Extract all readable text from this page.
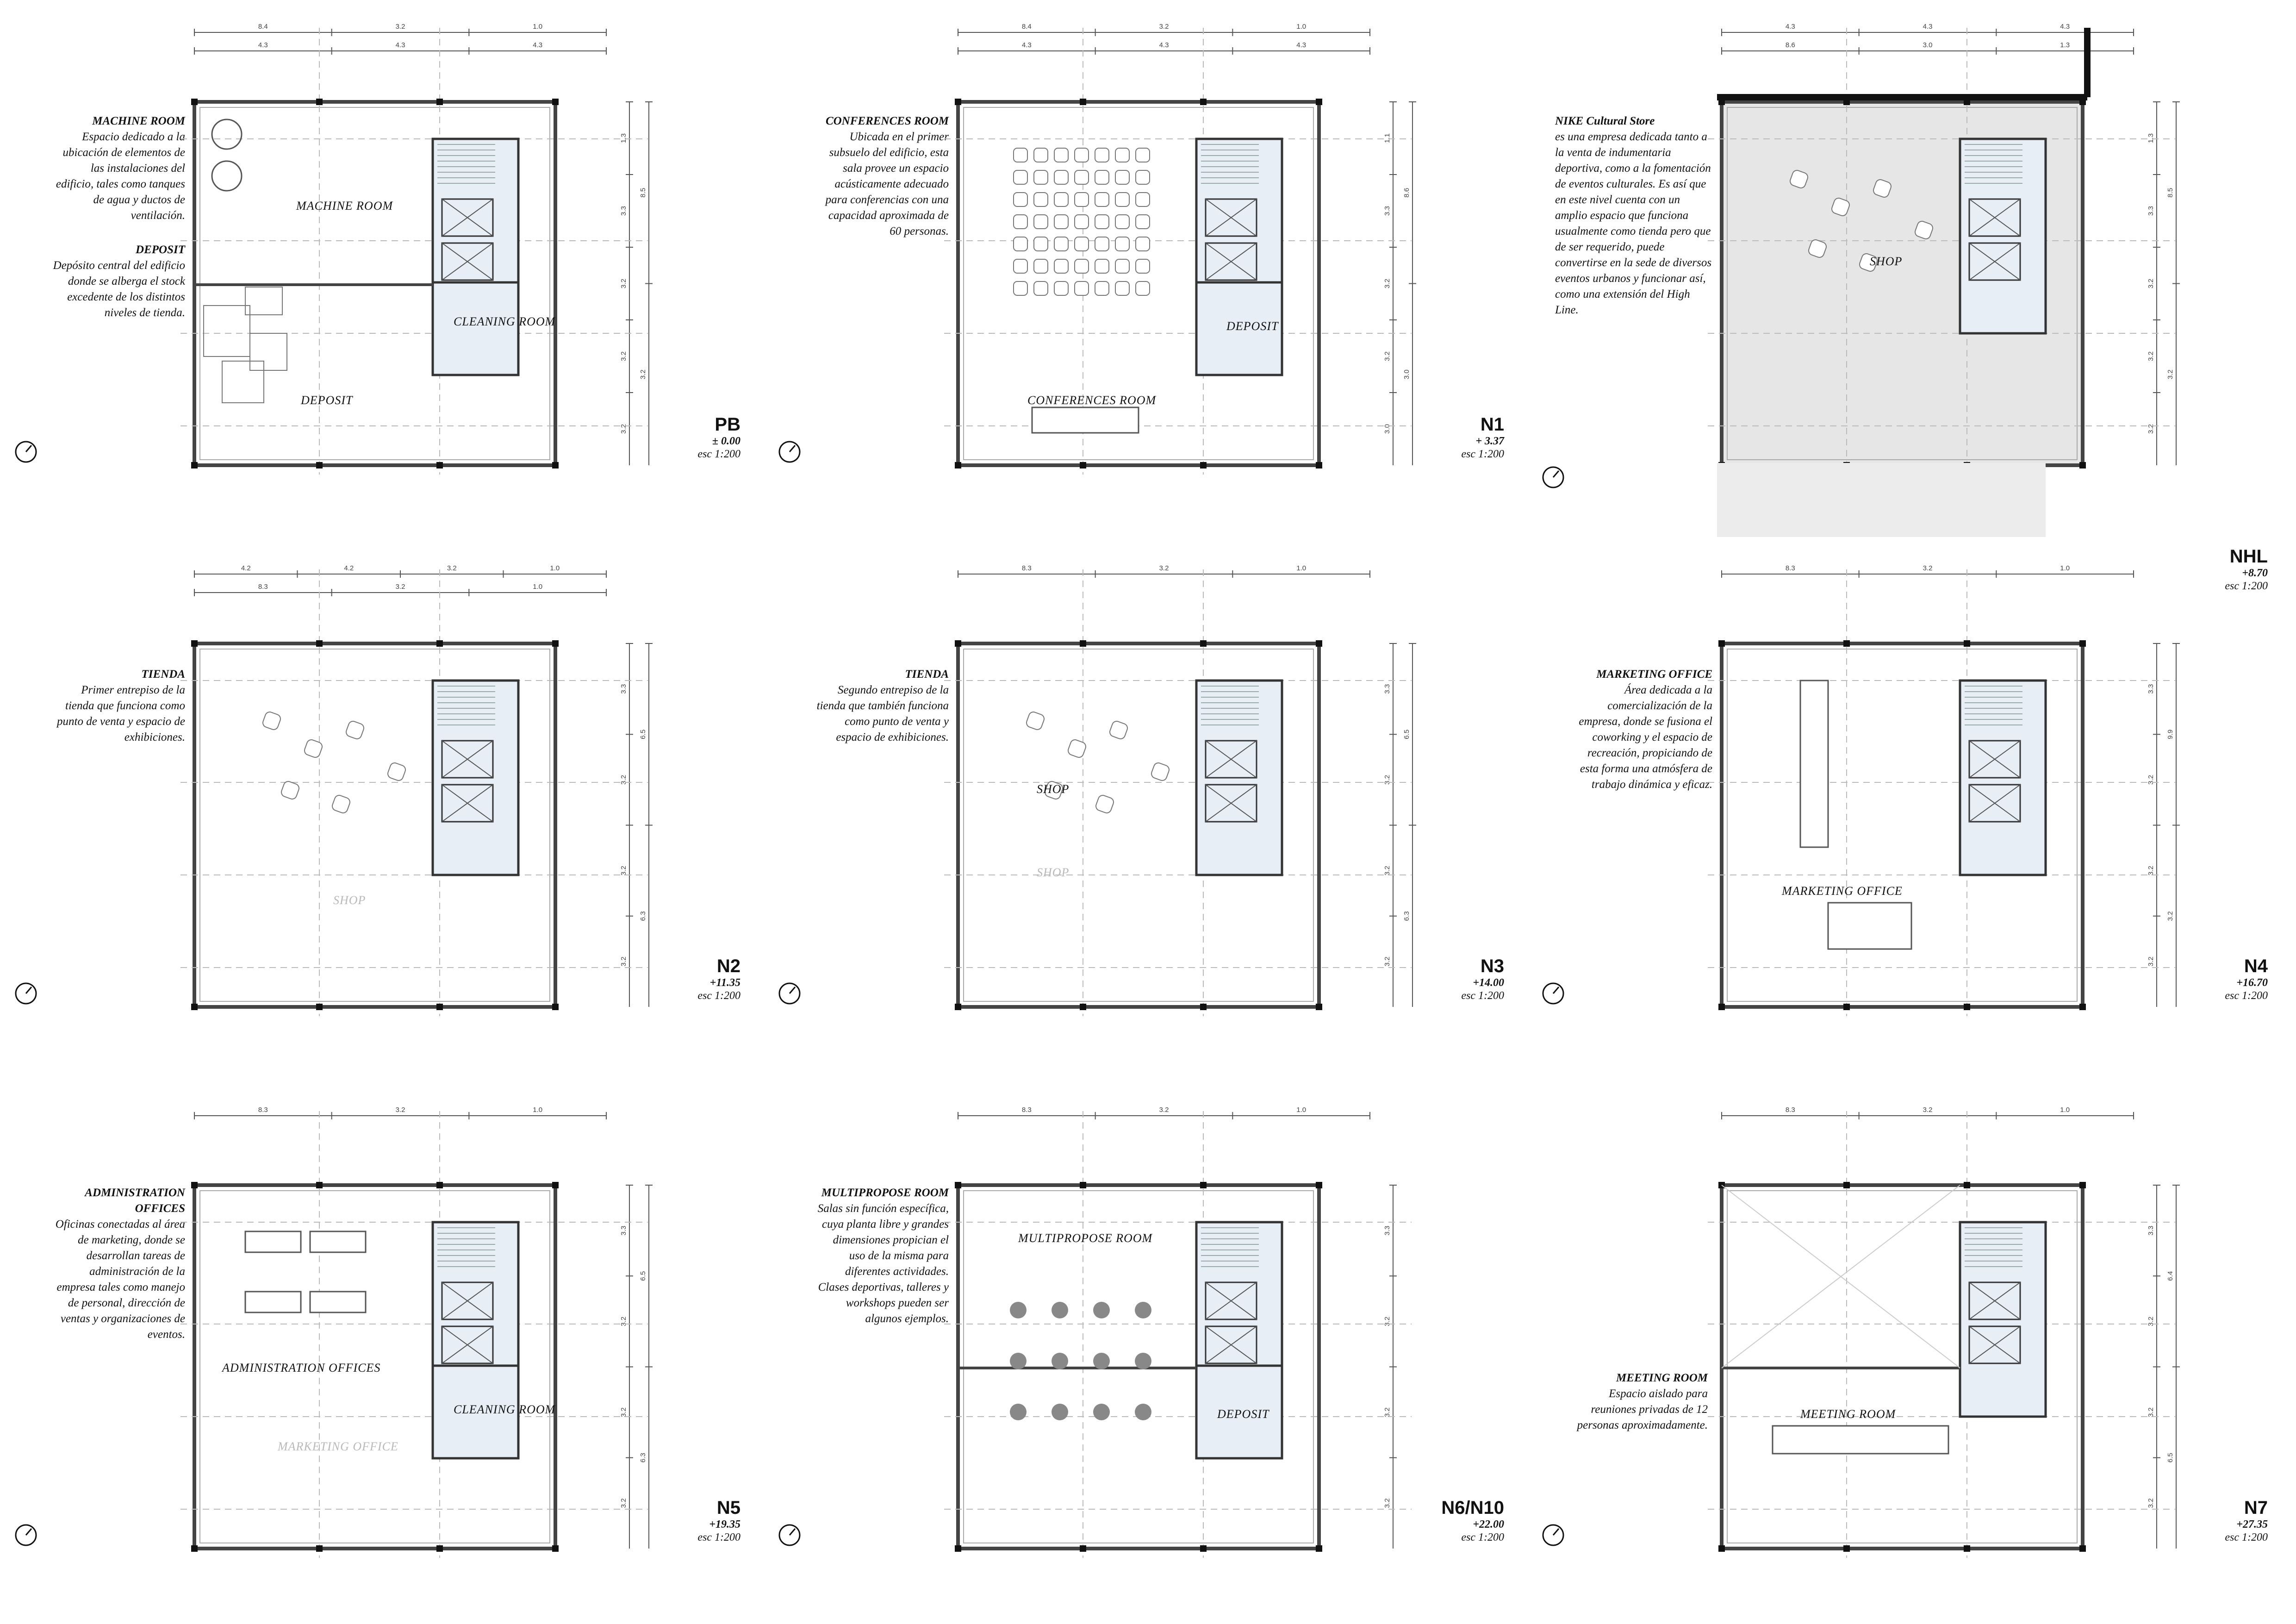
MACHINE ROOM
Espacio dedicado a la ubicación de elementos de las instalaciones del edificio, tales como tanques de agua y ductos de ventilación.
DEPOSIT
Depósito central del edificio donde se alberga el stock excedente de los distintos niveles de tienda.
8.4	3.2	1.0
4.3	4.3	4.3
1.3
3.3
3.2
3.2
3.2
8.5
3.2
MACHINE ROOM
CLEANING ROOM
DEPOSIT
PB
± 0.00
esc 1:200
CONFERENCES ROOM
Ubicada en el primer subsuelo del edificio, esta sala provee un espacio acústicamente adecuado para conferencias con una capacidad aproximada de 60 personas.
8.4	3.2	1.0
4.3	4.3	4.3
1.1
3.3
3.2
3.2
3.0
8.6
3.0
DEPOSIT
CONFERENCES ROOM
N1
+ 3.37
esc 1:200
NIKE Cultural Store
es una empresa dedicada tanto a la venta de indumentaria deportiva, como a la fomentación de eventos culturales. Es así que en este nivel cuenta con un amplio espacio que funciona usualmente como tienda pero que de ser requerido, puede convertirse en la sede de diversos eventos urbanos y funcionar así, como una extensión del High Line.
4.3	4.3	4.3
8.6	3.0	1.3
1.3
3.3
3.2
3.2
3.2
8.5
3.2
SHOP
NHL
+8.70
esc 1:200
TIENDA
Primer entrepiso de la tienda que funciona como punto de venta y espacio de exhibiciones.
4.2	4.2	3.2	1.0
8.3	3.2	1.0
3.3
3.2
3.2
3.2
6.5
6.3
SHOP
N2
+11.35
esc 1:200
TIENDA
Segundo entrepiso de la tienda que también funciona como punto de venta y espacio de exhibiciones.
8.3	3.2	1.0
3.3
3.2
3.2
3.2
6.5
6.3
SHOP
SHOP
N3
+14.00
esc 1:200
MARKETING OFFICE
Área dedicada a la comercialización de la empresa, donde se fusiona el coworking y el espacio de recreación, propiciando de esta forma una atmósfera de trabajo dinámica y eficaz.
8.3	3.2	1.0
3.3
3.2
3.2
3.2
9.9
3.2
MARKETING OFFICE
N4
+16.70
esc 1:200
ADMINISTRATION OFFICES
Oficinas conectadas al área de marketing, donde se desarrollan tareas de administración de la empresa tales como manejo de personal, dirección de ventas y organizaciones de eventos.
8.3	3.2	1.0
3.3
3.2
3.2
3.2
6.5
6.3
ADMINISTRATION OFFICES
CLEANING ROOM
MARKETING OFFICE
N5
+19.35
esc 1:200
MULTIPROPOSE ROOM
Salas sin función específica, cuya planta libre y grandes dimensiones propician el uso de la misma para diferentes actividades. Clases deportivas, talleres y workshops pueden ser algunos ejemplos.
8.3	3.2	1.0
3.3
3.2
3.2
3.2
MULTIPROPOSE ROOM
DEPOSIT
N6/N10
+22.00
esc 1:200
MEETING ROOM
Espacio aislado para reuniones privadas de 12 personas aproximadamente.
8.3	3.2	1.0
3.3
3.2
3.2
3.2
6.4
6.5
MEETING ROOM
N7
+27.35
esc 1:200
